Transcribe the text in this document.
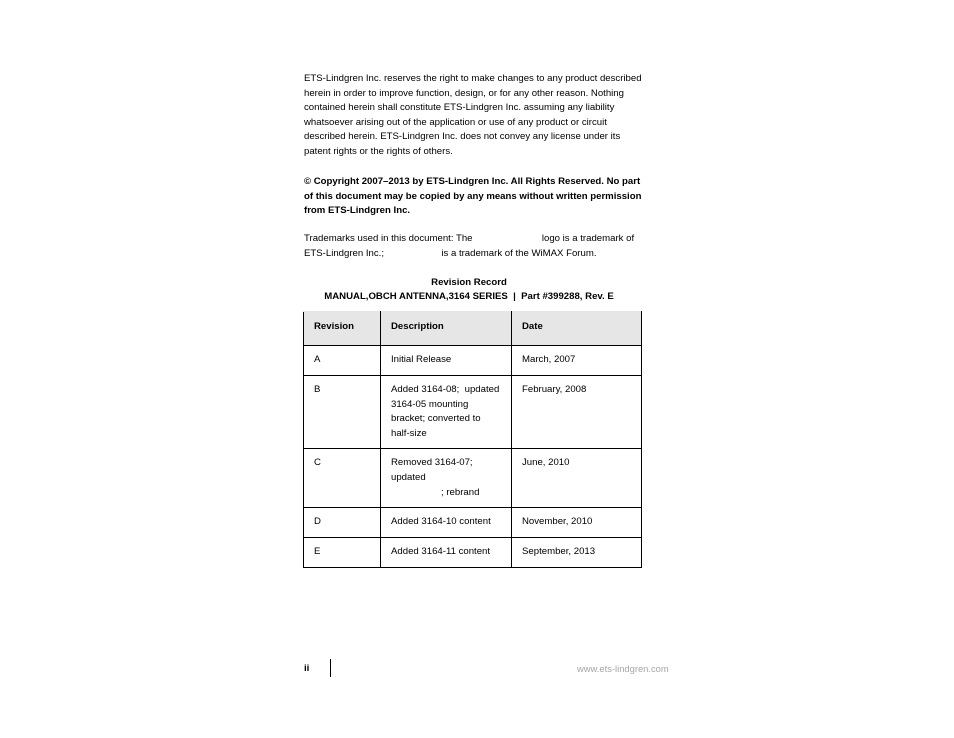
ETS-Lindgren Inc. reserves the right to make changes to any product described herein in order to improve function, design, or for any other reason. Nothing contained herein shall constitute ETS-Lindgren Inc. assuming any liability whatsoever arising out of the application or use of any product or circuit described herein. ETS-Lindgren Inc. does not convey any license under its patent rights or the rights of others.

© Copyright 2007–2013 by ETS-Lindgren Inc. All Rights Reserved. No part of this document may be copied by any means without written permission from ETS-Lindgren Inc.

Trademarks used in this document: The	logo is a trademark of ETS-Lindgren Inc.;	is a trademark of the WiMAX Forum.

Revision Record
MANUAL,OBCH ANTENNA,3164 SERIES  |  Part #399288, Rev. E
Revision	Description	Date
A	Initial Release	March, 2007
B	Added 3164-08;  updated
3164-05 mounting
bracket; converted to
half-size	February, 2008
C	Removed 3164-07;
updated
; rebrand	June, 2010
D	Added 3164-10 content	November, 2010
E	Added 3164-11 content	September, 2013
ii	www.ets-lindgren.com
